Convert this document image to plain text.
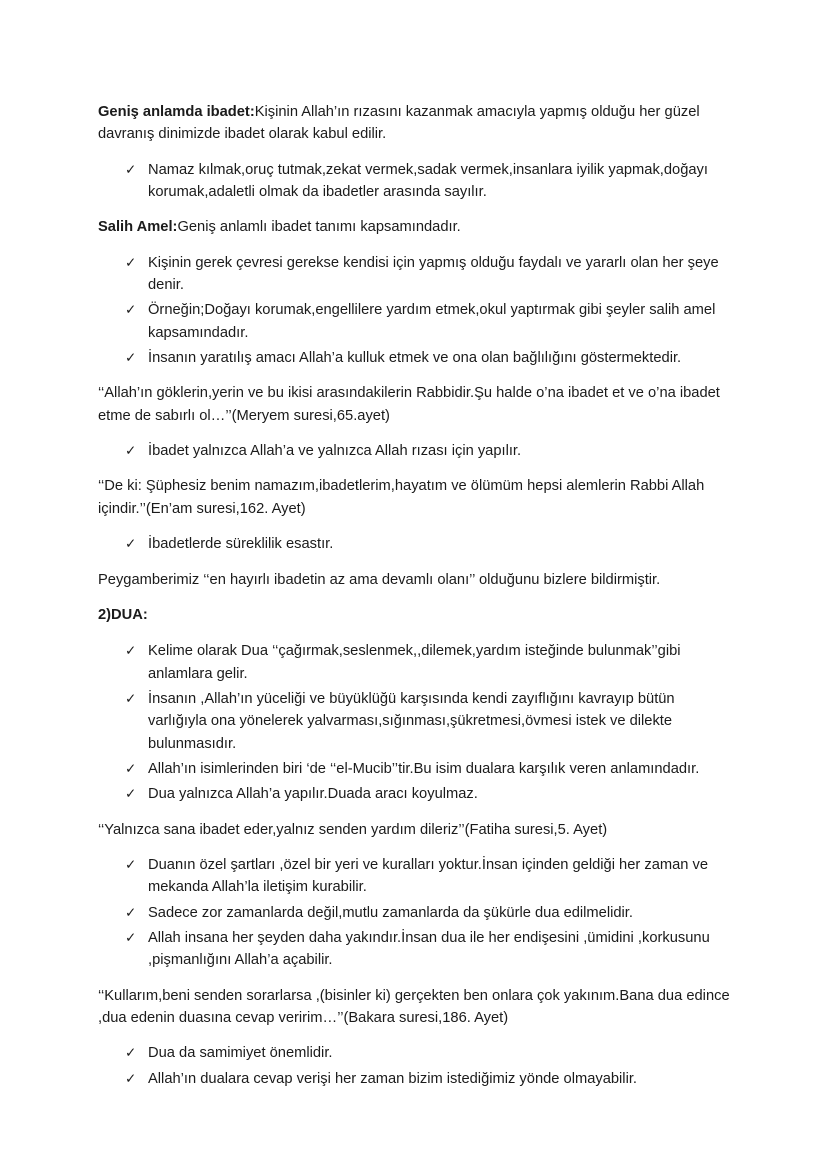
Geniş anlamda ibadet:Kişinin Allah’ın rızasını kazanmak amacıyla yapmış olduğu her güzel davranış dinimizde ibadet olarak kabul edilir.

✓ Namaz kılmak,oruç tutmak,zekat vermek,sadak vermek,insanlara iyilik yapmak,doğayı korumak,adaletli olmak da ibadetler arasında sayılır.

Salih Amel:Geniş anlamlı ibadet tanımı kapsamındadır.

✓ Kişinin gerek çevresi gerekse kendisi için yapmış olduğu faydalı ve yararlı olan her şeye denir.
✓ Örneğin;Doğayı korumak,engellilere yardım etmek,okul yaptırmak gibi şeyler salih amel kapsamındadır.
✓ İnsanın yaratılış amacı Allah’a kulluk etmek ve ona olan bağlılığını göstermektedir.

‘‘Allah’ın göklerin,yerin ve bu ikisi arasındakilerin Rabbidir.Şu halde o’na ibadet et ve o’na ibadet etme de sabırlı ol…’’(Meryem suresi,65.ayet)

✓ İbadet yalnızca Allah’a ve yalnızca Allah rızası için yapılır.

‘‘De ki: Şüphesiz benim namazım,ibadetlerim,hayatım ve ölümüm hepsi alemlerin Rabbi Allah içindir.’’(En’am suresi,162. Ayet)

✓ İbadetlerde süreklilik esastır.

Peygamberimiz ‘‘en hayırlı ibadetin az ama devamlı olanı’’ olduğunu bizlere bildirmiştir.

2)DUA:

✓ Kelime olarak Dua ‘‘çağırmak,seslenmek,,dilemek,yardım isteğinde bulunmak’’gibi anlamlara gelir.
✓ İnsanın ,Allah’ın yüceliği ve büyüklüğü karşısında kendi zayıflığını kavrayıp bütün varlığıyla ona yönelerek yalvarması,sığınması,şükretmesi,övmesi istek ve dilekte bulunmasıdır.
✓ Allah’ın isimlerinden biri ‘de ‘‘el-Mucib’’tir.Bu isim dualara karşılık veren anlamındadır.
✓ Dua yalnızca Allah’a yapılır.Duada aracı koyulmaz.

‘‘Yalnızca sana ibadet eder,yalnız senden yardım dileriz’’(Fatiha suresi,5. Ayet)

✓ Duanın özel şartları ,özel bir yeri ve kuralları yoktur.İnsan içinden geldiği her zaman ve mekanda Allah’la iletişim kurabilir.
✓ Sadece zor zamanlarda değil,mutlu zamanlarda da şükürle dua edilmelidir.
✓ Allah insana her şeyden daha yakındır.İnsan dua ile her endişesini ,ümidini ,korkusunu ,pişmanlığını Allah’a açabilir.

‘‘Kullarım,beni senden sorarlarsa ,(bisinler ki) gerçekten ben onlara çok yakınım.Bana dua edince ,dua edenin duasına cevap veririm…’’(Bakara suresi,186. Ayet)

✓ Dua da samimiyet önemlidir.
✓ Allah’ın dualara cevap verişi her zaman bizim istediğimiz yönde olmayabilir.
